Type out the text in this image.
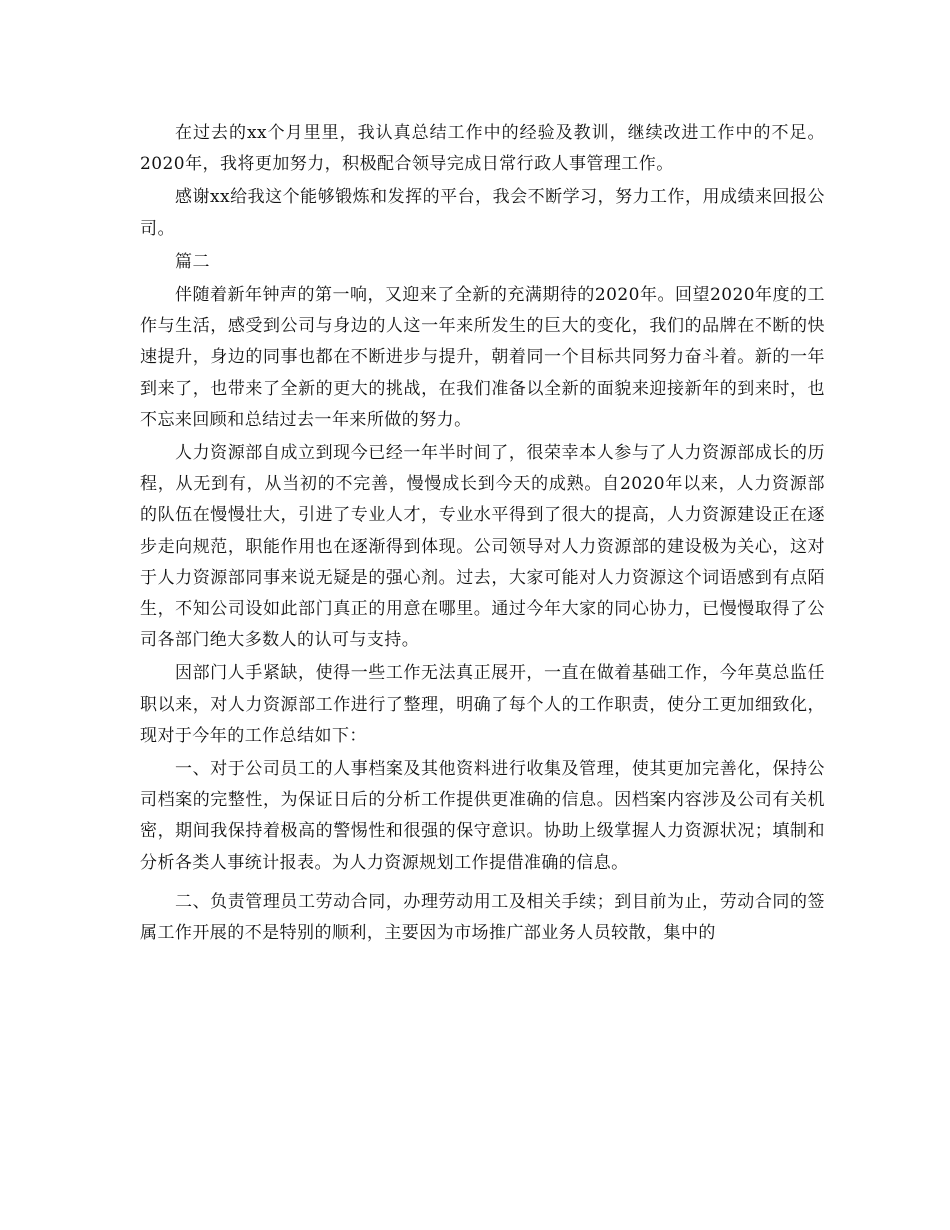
在过去的xx个月里里，我认真总结工作中的经验及教训，继续改进工作中的不足。2020年，我将更加努力，积极配合领导完成日常行政人事管理工作。

感谢xx给我这个能够锻炼和发挥的平台，我会不断学习，努力工作，用成绩来回报公司。

篇二

伴随着新年钟声的第一响，又迎来了全新的充满期待的2020年。回望2020年度的工作与生活，感受到公司与身边的人这一年来所发生的巨大的变化，我们的品牌在不断的快速提升，身边的同事也都在不断进步与提升，朝着同一个目标共同努力奋斗着。新的一年到来了，也带来了全新的更大的挑战，在我们准备以全新的面貌来迎接新年的到来时，也不忘来回顾和总结过去一年来所做的努力。

人力资源部自成立到现今已经一年半时间了，很荣幸本人参与了人力资源部成长的历程，从无到有，从当初的不完善，慢慢成长到今天的成熟。自2020年以来，人力资源部的队伍在慢慢壮大，引进了专业人才，专业水平得到了很大的提高，人力资源建设正在逐步走向规范，职能作用也在逐渐得到体现。公司领导对人力资源部的建设极为关心，这对于人力资源部同事来说无疑是的强心剂。过去，大家可能对人力资源这个词语感到有点陌生，不知公司设如此部门真正的用意在哪里。通过今年大家的同心协力，已慢慢取得了公司各部门绝大多数人的认可与支持。

因部门人手紧缺，使得一些工作无法真正展开，一直在做着基础工作，今年莫总监任职以来，对人力资源部工作进行了整理，明确了每个人的工作职责，使分工更加细致化，现对于今年的工作总结如下：

一、对于公司员工的人事档案及其他资料进行收集及管理，使其更加完善化，保持公司档案的完整性，为保证日后的分析工作提供更准确的信息。因档案内容涉及公司有关机密，期间我保持着极高的警惕性和很强的保守意识。协助上级掌握人力资源状况；填制和分析各类人事统计报表。为人力资源规划工作提借准确的信息。

二、负责管理员工劳动合同，办理劳动用工及相关手续；到目前为止，劳动合同的签属工作开展的不是特别的顺利，主要因为市场推广部业务人员较散，集中的
